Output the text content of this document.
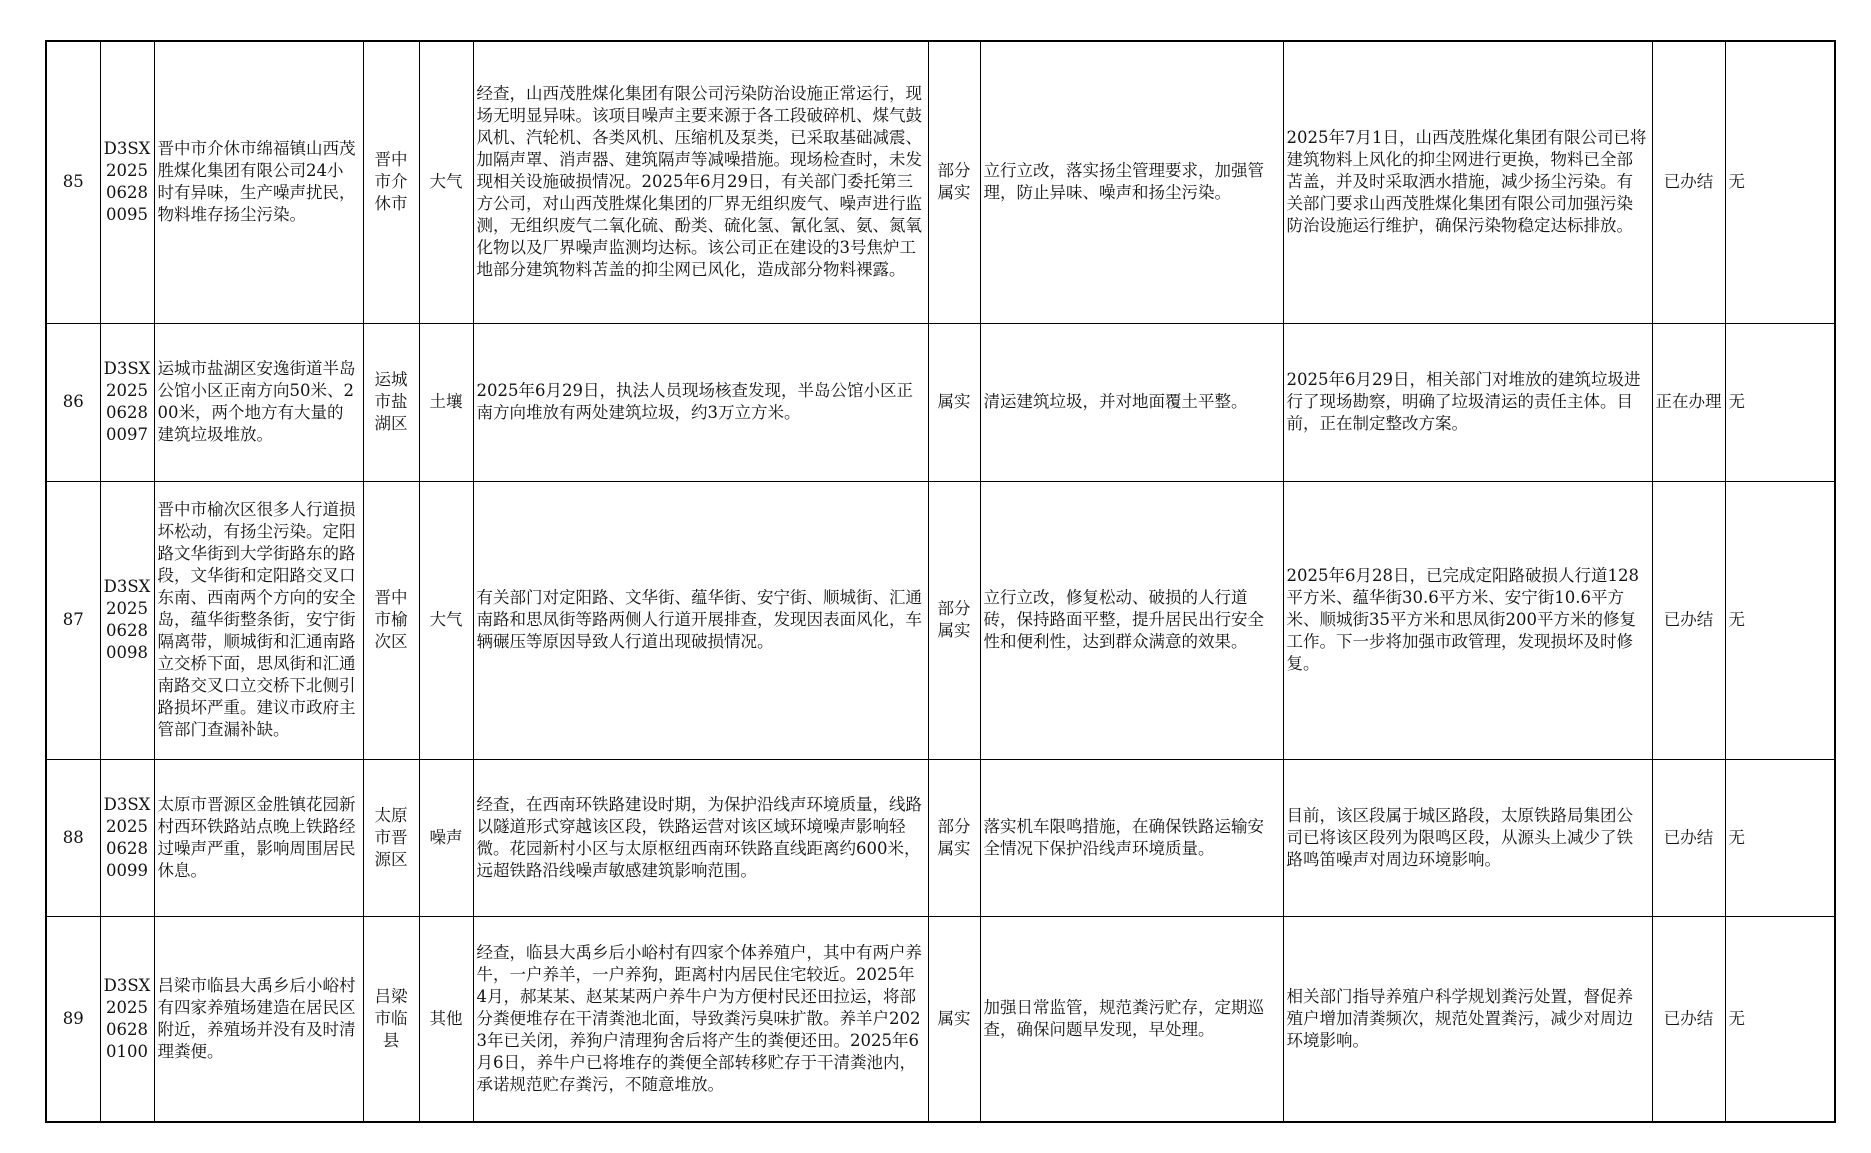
85	D3SX202506280095	晋中市介休市绵福镇山西茂胜煤化集团有限公司24小时有异味，生产噪声扰民，物料堆存扬尘污染。	晋中市介休市	大气	经查，山西茂胜煤化集团有限公司污染防治设施正常运行，现场无明显异味。该项目噪声主要来源于各工段破碎机、煤气鼓风机、汽轮机、各类风机、压缩机及泵类，已采取基础减震、加隔声罩、消声器、建筑隔声等减噪措施。现场检查时，未发现相关设施破损情况。2025年6月29日，有关部门委托第三方公司，对山西茂胜煤化集团的厂界无组织废气、噪声进行监测，无组织废气二氧化硫、酚类、硫化氢、氰化氢、氨、氮氧化物以及厂界噪声监测均达标。该公司正在建设的3号焦炉工地部分建筑物料苫盖的抑尘网已风化，造成部分物料裸露。	部分属实	立行立改，落实扬尘管理要求，加强管理，防止异味、噪声和扬尘污染。	2025年7月1日，山西茂胜煤化集团有限公司已将建筑物料上风化的抑尘网进行更换，物料已全部苫盖，并及时采取洒水措施，减少扬尘污染。有关部门要求山西茂胜煤化集团有限公司加强污染防治设施运行维护，确保污染物稳定达标排放。	已办结	无
86	D3SX202506280097	运城市盐湖区安逸街道半岛公馆小区正南方向50米、200米，两个地方有大量的建筑垃圾堆放。	运城市盐湖区	土壤	2025年6月29日，执法人员现场核查发现，半岛公馆小区正南方向堆放有两处建筑垃圾，约3万立方米。	属实	清运建筑垃圾，并对地面覆土平整。	2025年6月29日，相关部门对堆放的建筑垃圾进行了现场勘察，明确了垃圾清运的责任主体。目前，正在制定整改方案。	正在办理	无
87	D3SX202506280098	晋中市榆次区很多人行道损坏松动，有扬尘污染。定阳路文华街到大学街路东的路段，文华街和定阳路交叉口东南、西南两个方向的安全岛，蕴华街整条街，安宁街隔离带，顺城街和汇通南路立交桥下面，思凤街和汇通南路交叉口立交桥下北侧引路损坏严重。建议市政府主管部门查漏补缺。	晋中市榆次区	大气	有关部门对定阳路、文华街、蕴华街、安宁街、顺城街、汇通南路和思凤街等路两侧人行道开展排查，发现因表面风化，车辆碾压等原因导致人行道出现破损情况。	部分属实	立行立改，修复松动、破损的人行道砖，保持路面平整，提升居民出行安全性和便利性，达到群众满意的效果。	2025年6月28日，已完成定阳路破损人行道128平方米、蕴华街30.6平方米、安宁街10.6平方米、顺城街35平方米和思凤街200平方米的修复工作。下一步将加强市政管理，发现损坏及时修复。	已办结	无
88	D3SX202506280099	太原市晋源区金胜镇花园新村西环铁路站点晚上铁路经过噪声严重，影响周围居民休息。	太原市晋源区	噪声	经查，在西南环铁路建设时期，为保护沿线声环境质量，线路以隧道形式穿越该区段，铁路运营对该区域环境噪声影响轻微。花园新村小区与太原枢纽西南环铁路直线距离约600米，远超铁路沿线噪声敏感建筑影响范围。	部分属实	落实机车限鸣措施，在确保铁路运输安全情况下保护沿线声环境质量。	目前，该区段属于城区路段，太原铁路局集团公司已将该区段列为限鸣区段，从源头上减少了铁路鸣笛噪声对周边环境影响。	已办结	无
89	D3SX202506280100	吕梁市临县大禹乡后小峪村有四家养殖场建造在居民区附近，养殖场并没有及时清理粪便。	吕梁市临县	其他	经查，临县大禹乡后小峪村有四家个体养殖户，其中有两户养牛，一户养羊，一户养狗，距离村内居民住宅较近。2025年4月，郝某某、赵某某两户养牛户为方便村民还田拉运，将部分粪便堆存在干清粪池北面，导致粪污臭味扩散。养羊户2023年已关闭，养狗户清理狗舍后将产生的粪便还田。2025年6月6日，养牛户已将堆存的粪便全部转移贮存于干清粪池内，承诺规范贮存粪污，不随意堆放。	属实	加强日常监管，规范粪污贮存，定期巡查，确保问题早发现，早处理。	相关部门指导养殖户科学规划粪污处置，督促养殖户增加清粪频次，规范处置粪污，减少对周边环境影响。	已办结	无
